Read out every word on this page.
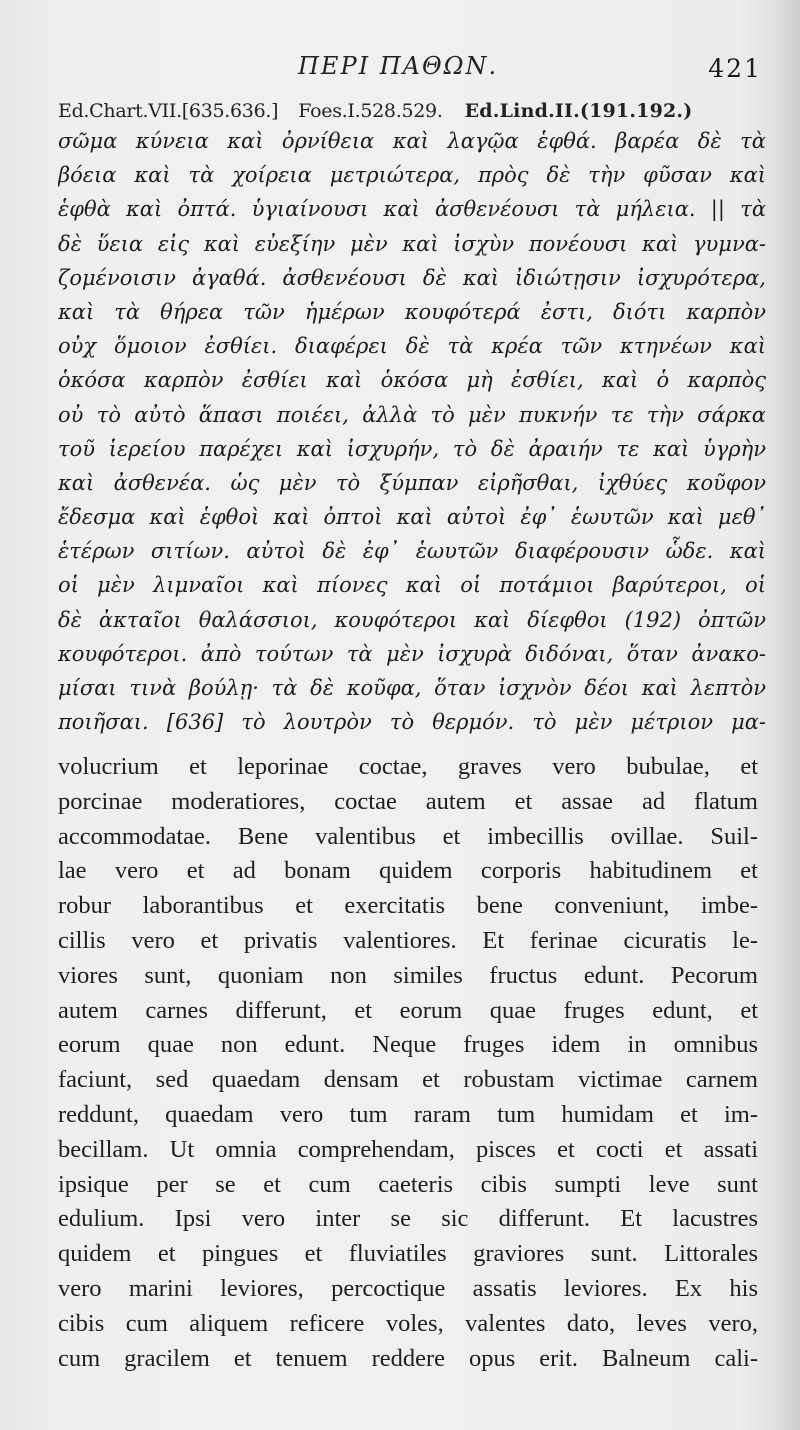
ΠΕΡΙ ΠΑΘΩΝ.	421
Ed.Chart.VII.[635.636.] Foes.I.528.529. Ed.Lind.II.(191.192.)
σῶμα κύνεια καὶ ὀρνίθεια καὶ λαγῷα ἑφθά. βαρέα δὲ τὰ
βόεια καὶ τὰ χοίρεια μετριώτερα, πρὸς δὲ τὴν φῦσαν καὶ
ἑφθὰ καὶ ὀπτά. ὑγιαίνουσι καὶ ἀσθενέουσι τὰ μήλεια. || τὰ
δὲ ὕεια εἰς καὶ εὐεξίην μὲν καὶ ἰσχὺν πονέουσι καὶ γυμνα-
ζομένοισιν ἀγαθά. ἀσθενέουσι δὲ καὶ ἰδιώτῃσιν ἰσχυρότερα,
καὶ τὰ θήρεα τῶν ἡμέρων κουφότερά ἐστι, διότι καρπὸν
οὐχ ὅμοιον ἐσθίει. διαφέρει δὲ τὰ κρέα τῶν κτηνέων καὶ
ὁκόσα καρπὸν ἐσθίει καὶ ὁκόσα μὴ ἐσθίει, καὶ ὁ καρπὸς
οὐ τὸ αὐτὸ ἅπασι ποιέει, ἀλλὰ τὸ μὲν πυκνήν τε τὴν σάρκα
τοῦ ἱερείου παρέχει καὶ ἰσχυρήν, τὸ δὲ ἀραιήν τε καὶ ὑγρὴν
καὶ ἀσθενέα. ὡς μὲν τὸ ξύμπαν εἰρῆσθαι, ἰχθύες κοῦφον
ἔδεσμα καὶ ἑφθοὶ καὶ ὀπτοὶ καὶ αὐτοὶ ἐφ᾽ ἑωυτῶν καὶ μεθ᾽
ἑτέρων σιτίων. αὐτοὶ δὲ ἐφ᾽ ἑωυτῶν διαφέρουσιν ὧδε. καὶ
οἱ μὲν λιμναῖοι καὶ πίονες καὶ οἱ ποτάμιοι βαρύτεροι, οἱ
δὲ ἀκταῖοι θαλάσσιοι, κουφότεροι καὶ δίεφθοι (192) ὀπτῶν
κουφότεροι. ἀπὸ τούτων τὰ μὲν ἰσχυρὰ διδόναι, ὅταν ἀνακο-
μίσαι τινὰ βούλῃ· τὰ δὲ κοῦφα, ὅταν ἰσχνὸν δέοι καὶ λεπτὸν
ποιῆσαι. [636] τὸ λουτρὸν τὸ θερμόν. τὸ μὲν μέτριον μα-
volucrium et leporinae coctae, graves vero bubulae, et
porcinae moderatiores, coctae autem et assae ad flatum
accommodatae. Bene valentibus et imbecillis ovillae. Suil-
lae vero et ad bonam quidem corporis habitudinem et
robur laborantibus et exercitatis bene conveniunt, imbe-
cillis vero et privatis valentiores. Et ferinae cicuratis le-
viores sunt, quoniam non similes fructus edunt. Pecorum
autem carnes differunt, et eorum quae fruges edunt, et
eorum quae non edunt. Neque fruges idem in omnibus
faciunt, sed quaedam densam et robustam victimae carnem
reddunt, quaedam vero tum raram tum humidam et im-
becillam. Ut omnia comprehendam, pisces et cocti et assati
ipsique per se et cum caeteris cibis sumpti leve sunt
edulium. Ipsi vero inter se sic differunt. Et lacustres
quidem et pingues et fluviatiles graviores sunt. Littorales
vero marini leviores, percoctique assatis leviores. Ex his
cibis cum aliquem reficere voles, valentes dato, leves vero,
cum gracilem et tenuem reddere opus erit. Balneum cali-
